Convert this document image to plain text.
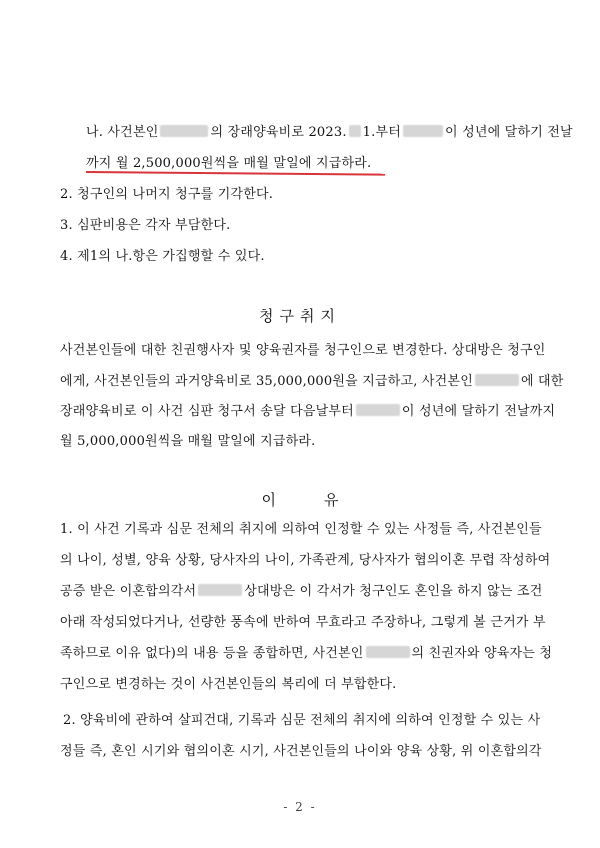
나. 사건본인	의 장래양육비로 2023. 1.부터	이 성년에 달하기 전날
까지 월 2,500,000원씩을 매월 말일에 지급하라.
2. 청구인의 나머지 청구를 기각한다.
3. 심판비용은 각자 부담한다.
4. 제1의 나.항은 가집행할 수 있다.
청구취지
사건본인들에 대한 친권행사자 및 양육권자를 청구인으로 변경한다. 상대방은 청구인
에게, 사건본인들의 과거양육비로 35,000,000원을 지급하고, 사건본인	에 대한
장래양육비로 이 사건 심판 청구서 송달 다음날부터	이 성년에 달하기 전날까지
월 5,000,000원씩을 매월 말일에 지급하라.
이유
1. 이 사건 기록과 심문 전체의 취지에 의하여 인정할 수 있는 사정들 즉, 사건본인들
의 나이, 성별, 양육 상황, 당사자의 나이, 가족관계, 당사자가 협의이혼 무렵 작성하여
공증 받은 이혼합의각서	상대방은 이 각서가 청구인도 혼인을 하지 않는 조건
아래 작성되었다거나, 선량한 풍속에 반하여 무효라고 주장하나, 그렇게 볼 근거가 부
족하므로 이유 없다)의 내용 등을 종합하면, 사건본인	의 친권자와 양육자는 청
구인으로 변경하는 것이 사건본인들의 복리에 더 부합한다.
2. 양육비에 관하여 살피건대, 기록과 심문 전체의 취지에 의하여 인정할 수 있는 사
정들 즉, 혼인 시기와 협의이혼 시기, 사건본인들의 나이와 양육 상황, 위 이혼합의각
- 2 -
